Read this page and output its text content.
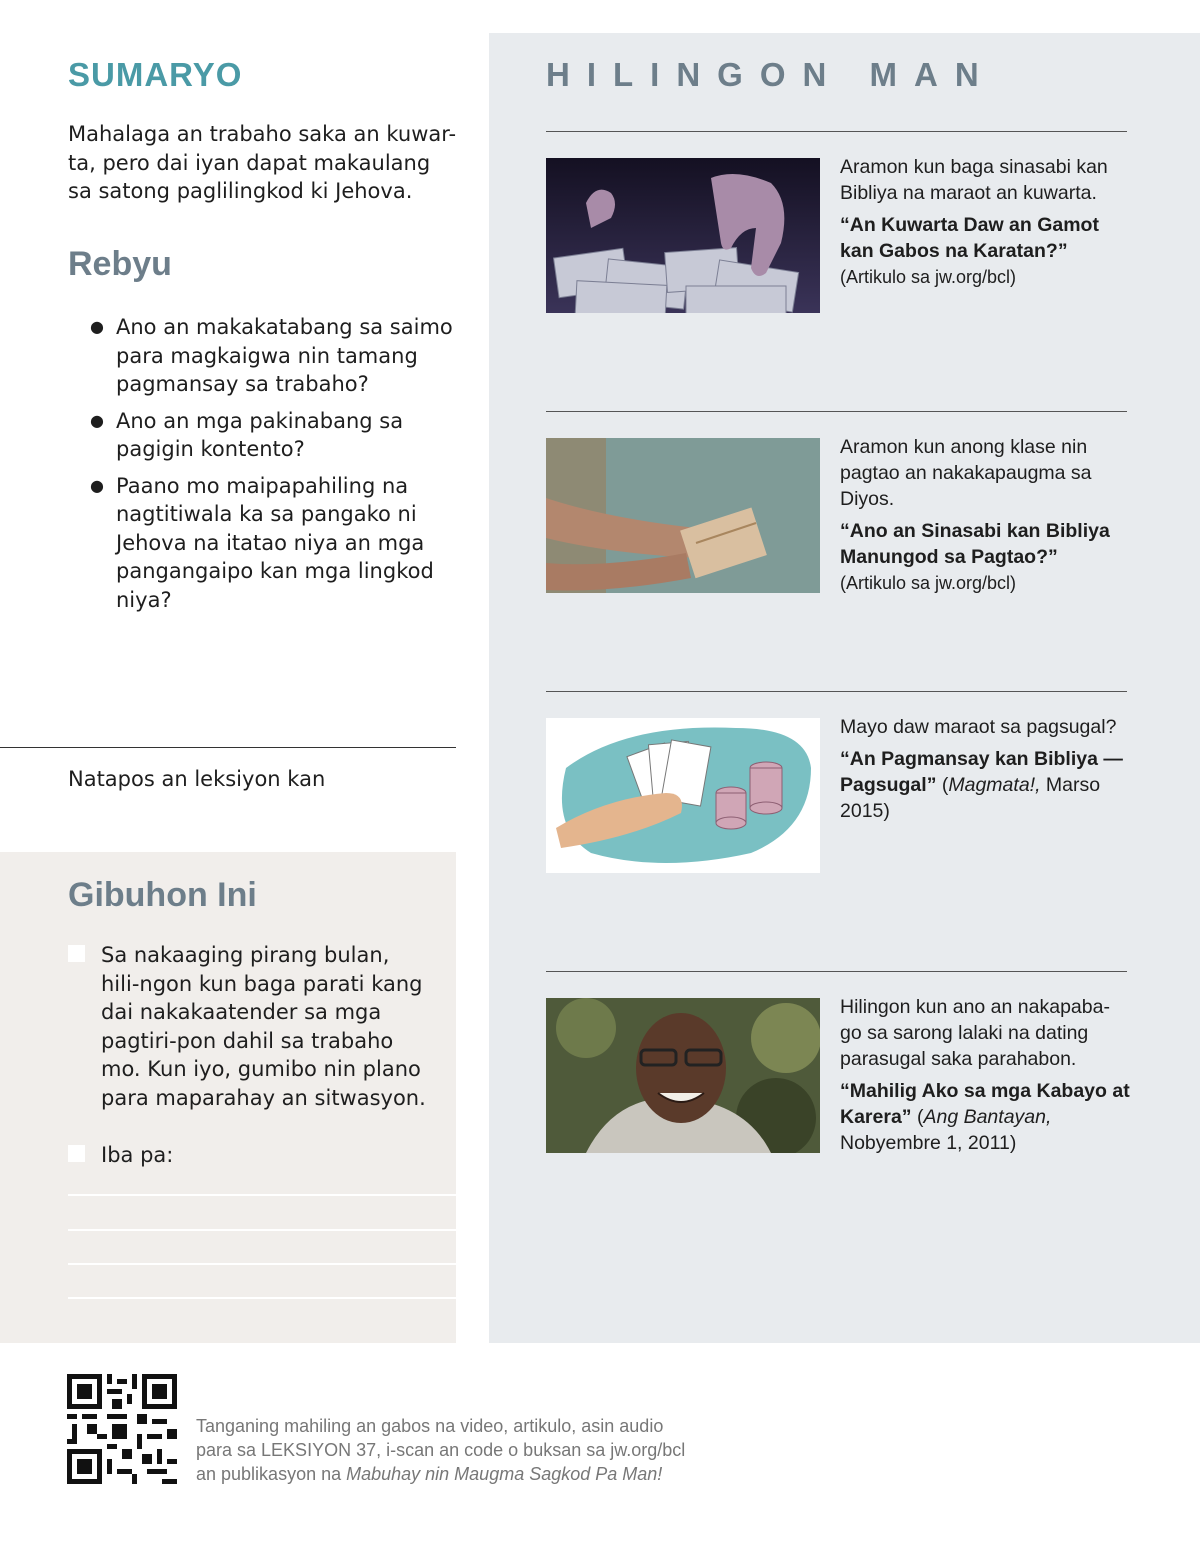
SUMARYO

Mahalaga an trabaho saka an kuwar-ta, pero dai iyan dapat makaulang sa satong paglilingkod ki Jehova.

Rebyu
● Ano an makakatabang sa saimo para magkaigwa nin tamang pagmansay sa trabaho?
● Ano an mga pakinabang sa pagigin kontento?
● Paano mo maipapahiling na nagtitiwala ka sa pangako ni Jehova na itatao niya an mga pangangaipo kan mga lingkod niya?

Natapos an leksiyon kan

Gibuhon Ini
Sa nakaaging pirang bulan, hili-ngon kun baga parati kang dai nakakaatender sa mga pagtiri-pon dahil sa trabaho mo. Kun iyo, gumibo nin plano para maparahay an sitwasyon.
Iba pa:
HILINGON MAN

Aramon kun baga sinasabi kan Bibliya na maraot an kuwarta.

“An Kuwarta Daw an Gamot kan Gabos na Karatan?”

(Artikulo sa jw.org/bcl)

Aramon kun anong klase nin pagtao an nakakapaugma sa Diyos.

“Ano an Sinasabi kan Bibliya Manungod sa Pagtao?”

(Artikulo sa jw.org/bcl)

Mayo daw maraot sa pagsugal?

“An Pagmansay kan Bibliya —Pagsugal” (Magmata!, Marso 2015)

Hilingon kun ano an nakapaba-go sa sarong lalaki na dating parasugal saka parahabon.

“Mahilig Ako sa mga Kabayo at Karera” (Ang Bantayan, Nobyembre 1, 2011)

Tanganing mahiling an gabos na video, artikulo, asin audio
para sa LEKSIYON 37, i-scan an code o buksan sa jw.org/bcl
an publikasyon na Mabuhay nin Maugma Sagkod Pa Man!
